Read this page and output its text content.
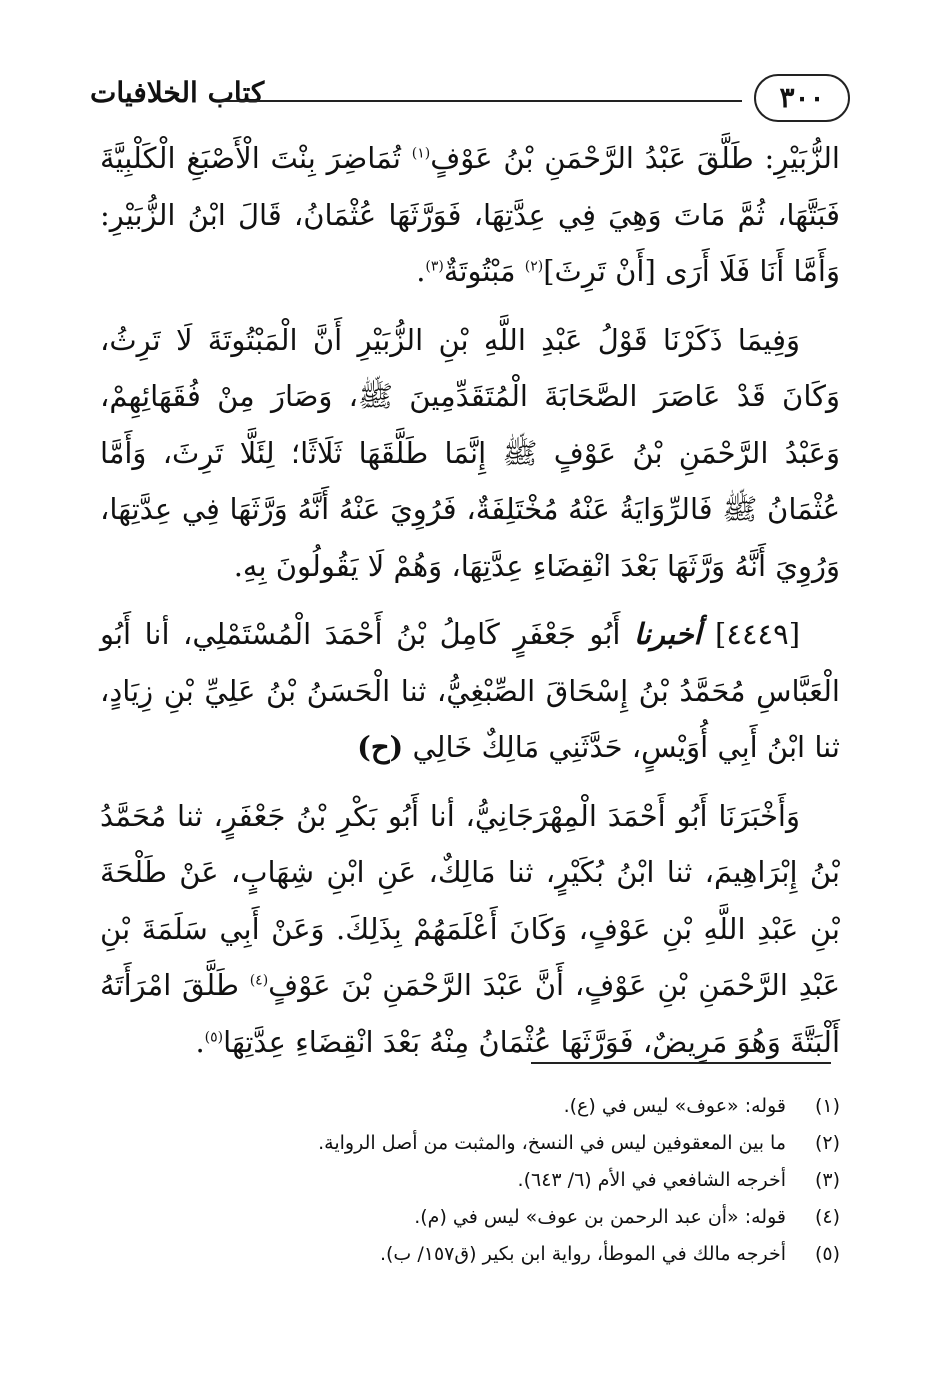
كتاب الخلافيات	٣٠٠

الزُّبَيْرِ: طَلَّقَ عَبْدُ الرَّحْمَنِ بْنُ عَوْفٍ$^{(١)}$ تُمَاضِرَ بِنْتَ الْأَصْبَغِ الْكَلْبِيَّةَ فَبَتَّهَا، ثُمَّ مَاتَ وَهِيَ فِي عِدَّتِهَا، فَوَرَّثَهَا عُثْمَانُ، قَالَ ابْنُ الزُّبَيْرِ: وَأَمَّا أَنَا فَلَا أَرَى [أَنْ تَرِثَ]$^{(٢)}$ مَبْتُوتَةٌ$^{(٣)}$.

وَفِيمَا ذَكَرْنَا قَوْلُ عَبْدِ اللَّهِ بْنِ الزُّبَيْرِ أَنَّ الْمَبْتُوتَةَ لَا تَرِثُ، وَكَانَ قَدْ عَاصَرَ الصَّحَابَةَ الْمُتَقَدِّمِينَ ﷺ، وَصَارَ مِنْ فُقَهَائِهِمْ، وَعَبْدُ الرَّحْمَنِ بْنُ عَوْفٍ ﷺ إِنَّمَا طَلَّقَهَا ثَلَاثًا؛ لِئَلَّا تَرِثَ، وَأَمَّا عُثْمَانُ ﷺ فَالرِّوَايَةُ عَنْهُ مُخْتَلِفَةٌ، فَرُوِيَ عَنْهُ أَنَّهُ وَرَّثَهَا فِي عِدَّتِهَا، وَرُوِيَ أَنَّهُ وَرَّثَهَا بَعْدَ انْقِضَاءِ عِدَّتِهَا، وَهُمْ لَا يَقُولُونَ بِهِ.

[٤٤٤٩] أخبرنا أَبُو جَعْفَرٍ كَامِلُ بْنُ أَحْمَدَ الْمُسْتَمْلِي، أنا أَبُو الْعَبَّاسِ مُحَمَّدُ بْنُ إِسْحَاقَ الصِّبْغِيُّ، ثنا الْحَسَنُ بْنُ عَلِيِّ بْنِ زِيَادٍ، ثنا ابْنُ أَبِي أُوَيْسٍ، حَدَّثَنِي مَالِكٌ خَالِي (ح)

وَأَخْبَرَنَا أَبُو أَحْمَدَ الْمِهْرَجَانِيُّ، أنا أَبُو بَكْرِ بْنُ جَعْفَرٍ، ثنا مُحَمَّدُ بْنُ إِبْرَاهِيمَ، ثنا ابْنُ بُكَيْرٍ، ثنا مَالِكٌ، عَنِ ابْنِ شِهَابٍ، عَنْ طَلْحَةَ بْنِ عَبْدِ اللَّهِ بْنِ عَوْفٍ، وَكَانَ أَعْلَمَهُمْ بِذَلِكَ. وَعَنْ أَبِي سَلَمَةَ بْنِ عَبْدِ الرَّحْمَنِ بْنِ عَوْفٍ، أَنَّ عَبْدَ الرَّحْمَنِ بْنَ عَوْفٍ$^{(٤)}$ طَلَّقَ امْرَأَتَهُ أَلْبَتَّةَ وَهُوَ مَرِيضٌ، فَوَرَّثَهَا عُثْمَانُ مِنْهُ بَعْدَ انْقِضَاءِ عِدَّتِهَا$^{(٥)}$.

(١)
قوله: «عوف» ليس في (ع).
(٢)
ما بين المعقوفين ليس في النسخ، والمثبت من أصل الرواية.
(٣)
أخرجه الشافعي في الأم (٦/ ٦٤٣).
(٤)
قوله: «أن عبد الرحمن بن عوف» ليس في (م).
(٥)
أخرجه مالك في الموطأ، رواية ابن بكير (ق١٥٧/ ب).
